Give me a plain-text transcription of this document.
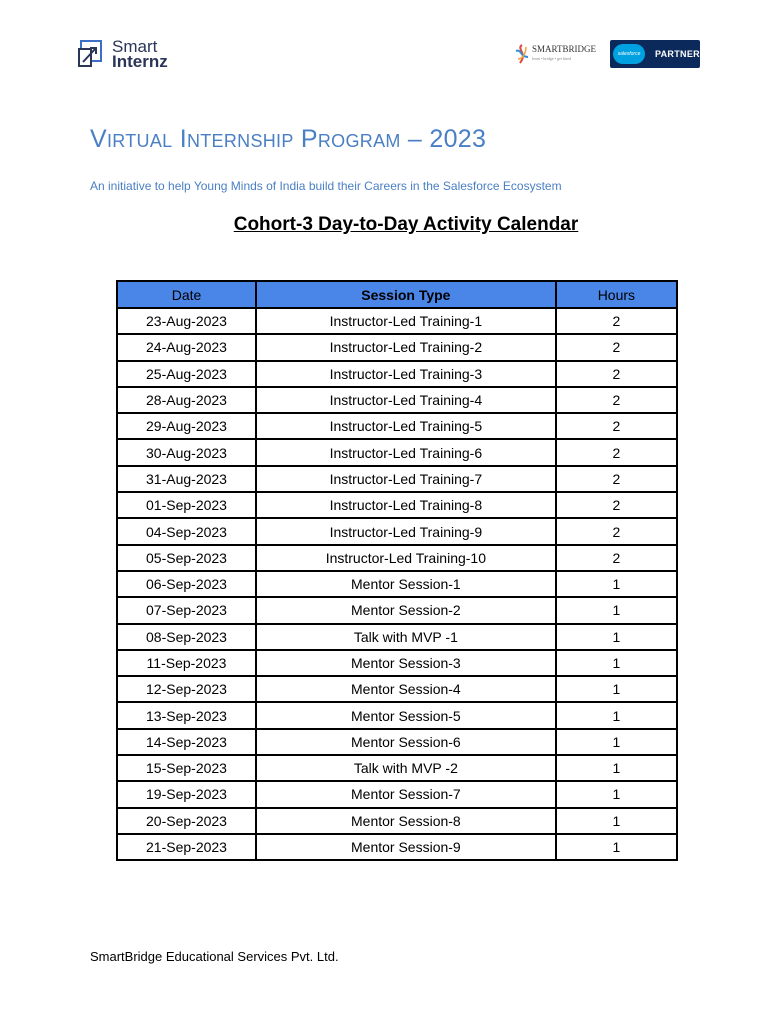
Smart
Internz
SMARTBRIDGE
learn • bridge • get hired
salesforce PARTNER
Virtual Internship Program – 2023
An initiative to help Young Minds of India build their Careers in the Salesforce Ecosystem
Cohort-3 Day-to-Day Activity Calendar
Date	Session Type	Hours
23-Aug-2023	Instructor-Led Training-1	2
24-Aug-2023	Instructor-Led Training-2	2
25-Aug-2023	Instructor-Led Training-3	2
28-Aug-2023	Instructor-Led Training-4	2
29-Aug-2023	Instructor-Led Training-5	2
30-Aug-2023	Instructor-Led Training-6	2
31-Aug-2023	Instructor-Led Training-7	2
01-Sep-2023	Instructor-Led Training-8	2
04-Sep-2023	Instructor-Led Training-9	2
05-Sep-2023	Instructor-Led Training-10	2
06-Sep-2023	Mentor Session-1	1
07-Sep-2023	Mentor Session-2	1
08-Sep-2023	Talk with MVP -1	1
11-Sep-2023	Mentor Session-3	1
12-Sep-2023	Mentor Session-4	1
13-Sep-2023	Mentor Session-5	1
14-Sep-2023	Mentor Session-6	1
15-Sep-2023	Talk with MVP -2	1
19-Sep-2023	Mentor Session-7	1
20-Sep-2023	Mentor Session-8	1
21-Sep-2023	Mentor Session-9	1
SmartBridge Educational Services Pvt. Ltd.
